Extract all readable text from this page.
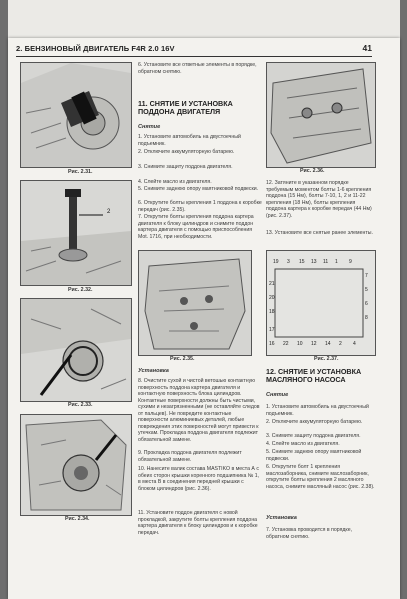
2. БЕНЗИНОВЫЙ ДВИГАТЕЛЬ F4R 2.0 16V	41
Рис. 2.31.
2
Рис. 2.32.
Рис. 2.33.
Рис. 2.34.

6. Установите все ответные элементы в порядке, обратном снятию.

11. СНЯТИЕ И УСТАНОВКА ПОДДОНА ДВИГАТЕЛЯ

Снятие

1. Установите автомобиль на двустоечный подъемник.

2. Отключите аккумуляторную батарею.

3. Снимите защиту поддона двигателя.

4. Слейте масло из двигателя.

5. Снимите заднюю опору маятниковой подвески.

6. Открутите болты крепления 1 поддона к коробке передач (рис. 2.35).

7. Открутите болты крепления поддона картера двигателя к блоку цилиндров и снимите поддон картера двигателя с помощью приспособления Mot. 1716, при необходимости.

Рис. 2.35.

Установка

8. Очистите сухой и чистой ветошью контактную поверхность поддона картера двигателя и контактную поверхность блока цилиндров. Контактные поверхности должны быть чистыми, сухими и незагрязненными (не оставляйте следов от пальцев). Не повредите контактные поверхности алюминиевых деталей, любые повреждения этих поверхностей могут привести к утечкам. Прокладка поддона двигателя подлежит обязательной замене.

9. Прокладка поддона двигателя подлежит обязательной замене.

10. Нанесите валик состава MASTIKO в места А с обеих сторон крышки коренного подшипника № 1, в места B в соединения передней крышки с блоком цилиндров (рис. 2.36).

11. Установите поддон двигателя с новой прокладкой, закрутите болты крепления поддона картера двигателя к блоку цилиндров и к коробке передач.

Рис. 2.36.

12. Затяните в указанном порядке требуемым моментом болты 1-6 крепления поддона (15 Нм), болты 7-10, 1, 2 и 11-22 крепления (18 Нм), болты крепления поддона картера к коробке передач (44 Нм) (рис. 2.37).

13. Установите все снятые ранее элементы.

19 3 15 13 11 1 9
7
5
6
8
10 12 14 2 4
16
17
18
20
21
22
Рис. 2.37.

12. СНЯТИЕ И УСТАНОВКА МАСЛЯНОГО НАСОСА

Снятие

1. Установите автомобиль на двустоечный подъемник.

2. Отключите аккумуляторную батарею.

3. Снимите защиту поддона двигателя.

4. Слейте масло из двигателя.

5. Снимите заднюю опору маятниковой подвески.

6. Открутите болт 1 крепления маслозаборника, снимите маслозаборник, открутите болты крепления 2 масляного насоса, снимите масляный насос (рис. 2.38).

Установка

7. Установка проводится в порядке, обратном снятию.
